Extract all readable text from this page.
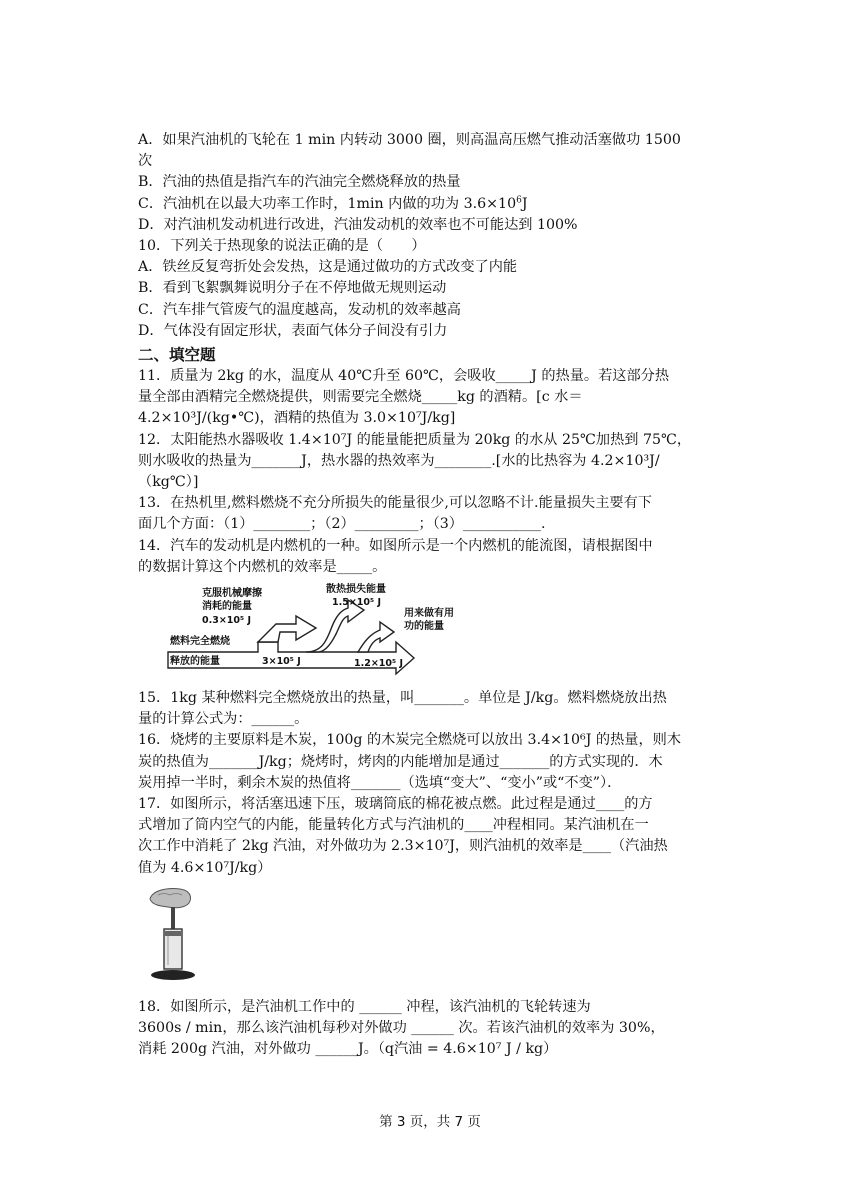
A．如果汽油机的飞轮在 1 min 内转动 3000 圈，则高温高压燃气推动活塞做功 1500
次
B．汽油的热值是指汽车的汽油完全燃烧释放的热量
C．汽油机在以最大功率工作时，1min 内做的功为 $3.6\times 10^6J$
D．对汽油机发动机进行改进，汽油发动机的效率也不可能达到 100%
10．下列关于热现象的说法正确的是（　　）
A．铁丝反复弯折处会发热，这是通过做功的方式改变了内能
B．看到飞絮飘舞说明分子在不停地做无规则运动
C．汽车排气管废气的温度越高，发动机的效率越高
D．气体没有固定形状，表面气体分子间没有引力
二、填空题
11．质量为 2kg 的水，温度从 40℃升至 60℃，会吸收_____J 的热量。若这部分热
量全部由酒精完全燃烧提供，则需要完全燃烧_____kg 的酒精。[c 水＝
4.2×10³J/(kg•℃)，酒精的热值为 3.0×10⁷J/kg]
12．太阳能热水器吸收 1.4×10⁷J 的能量能把质量为 20kg 的水从 25℃加热到 75℃，
则水吸收的热量为_______J，热水器的热效率为________.[水的比热容为 4.2×10³J/
（kg℃）]
13．在热机里,燃料燃烧不充分所损失的能量很少,可以忽略不计.能量损失主要有下
面几个方面：（1）________；（2）_________；（3）___________.
14．汽车的发动机是内燃机的一种。如图所示是一个内燃机的能流图，请根据图中
的数据计算这个内燃机的效率是_____。
克服机械摩擦
消耗的能量
0.3×10⁵ J
散热损失能量
1.5×10⁵ J
用来做有用
功的能量
燃料完全燃烧
释放的能量	3×10⁵ J	1.2×10⁵ J
15．1kg 某种燃料完全燃烧放出的热量，叫_______。单位是 J/kg。燃料燃烧放出热
量的计算公式为：______。
16．烧烤的主要原料是木炭，100g 的木炭完全燃烧可以放出 3.4×10⁶J 的热量，则木
炭的热值为_______J/kg；烧烤时，烤肉的内能增加是通过_______的方式实现的．木
炭用掉一半时，剩余木炭的热值将_______（选填“变大”、“变小”或“不变”）．
17．如图所示，将活塞迅速下压，玻璃筒底的棉花被点燃。此过程是通过____的方
式增加了筒内空气的内能，能量转化方式与汽油机的____冲程相同。某汽油机在一
次工作中消耗了 2kg 汽油，对外做功为 2.3×10⁷J，则汽油机的效率是____（汽油热
值为 4.6×10⁷J/kg）
18．如图所示，是汽油机工作中的 ______ 冲程，该汽油机的飞轮转速为
3600s / min，那么该汽油机每秒对外做功 ______ 次。若该汽油机的效率为 30%，
消耗 200g 汽油，对外做功 ______J。（q汽油 = 4.6×10⁷ J / kg）
第 3 页，共 7 页
